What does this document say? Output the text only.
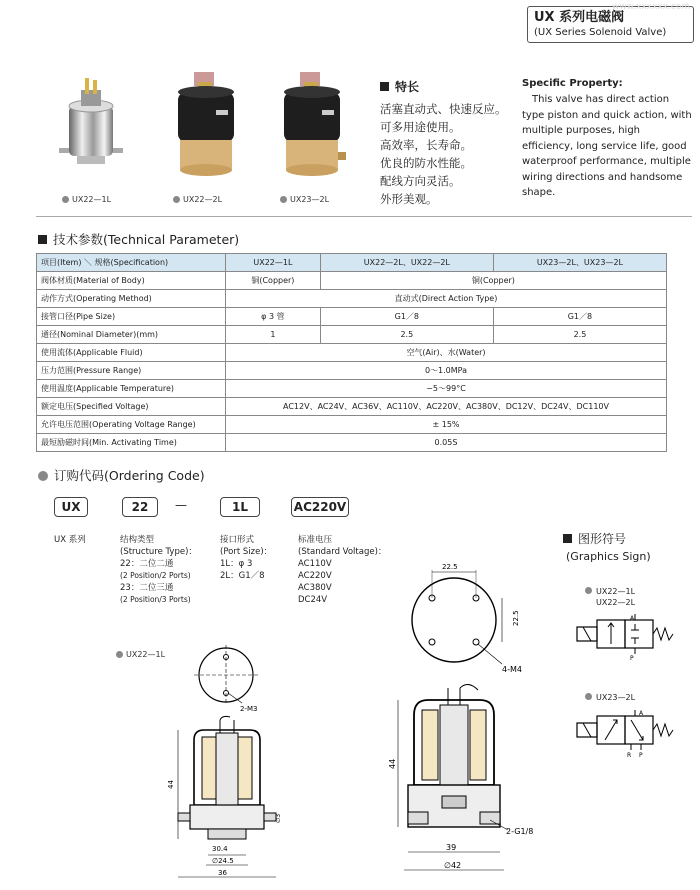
UX 系列电磁阀
(UX Series Solenoid Valve)
www.xxxxxx.com
UX22—1L	UX22—2L	UX23—2L
特长
活塞直动式、快速反应。
可多用途使用。
高效率，长寿命。
优良的防水性能。
配线方向灵活。
外形美观。
Specific Property:
This valve has direct action type piston and quick action, with multiple purposes, high efficiency, long service life, good waterproof performance, multiple wiring directions and handsome shape.
技术参数(Technical Parameter)
项目(Item) ＼ 规格(Specification)	UX22—1L	UX22—2L、UX22—2L	UX23—2L、UX23—2L
阀体材质(Material of Body)	铜(Copper)	铜(Copper)	
动作方式(Operating Method)	直动式(Direct Action Type)		
接管口径(Pipe Size)	φ 3 管	G1／8	G1／8
通径(Nominal Diameter)(mm)	1	2.5	2.5
使用流体(Applicable Fluid)	空气(Air)、水(Water)		
压力范围(Pressure Range)	0～1.0MPa		
使用温度(Applicable Temperature)	−5～99°C		
额定电压(Specified Voltage)	AC12V、AC24V、AC36V、AC110V、AC220V、AC380V、DC12V、DC24V、DC110V		
允许电压范围(Operating Voltage Range)	± 15%		
最短励磁时间(Min. Activating Time)	0.05S		
订购代码(Ordering Code)
UX	22	—	1L	AC220V
UX 系列	结构类型
(Structure Type)：
22：二位二通
(2 Position/2 Ports)
23：二位三通
(2 Position/3 Ports)
接口形式
(Port Size)：
1L：φ 3
2L：G1／8
标准电压
(Standard Voltage)：
AC110V
AC220V
AC380V
DC24V
图形符号
(Graphics Sign)
UX22—1L
UX22—2L
A
P
UX23—2L
A
R P
UX22—1L
2-M3
44
∅3
30.4
∅24.5
36
22.5
22.5
4-M4
44
2-G1/8
39
∅42
